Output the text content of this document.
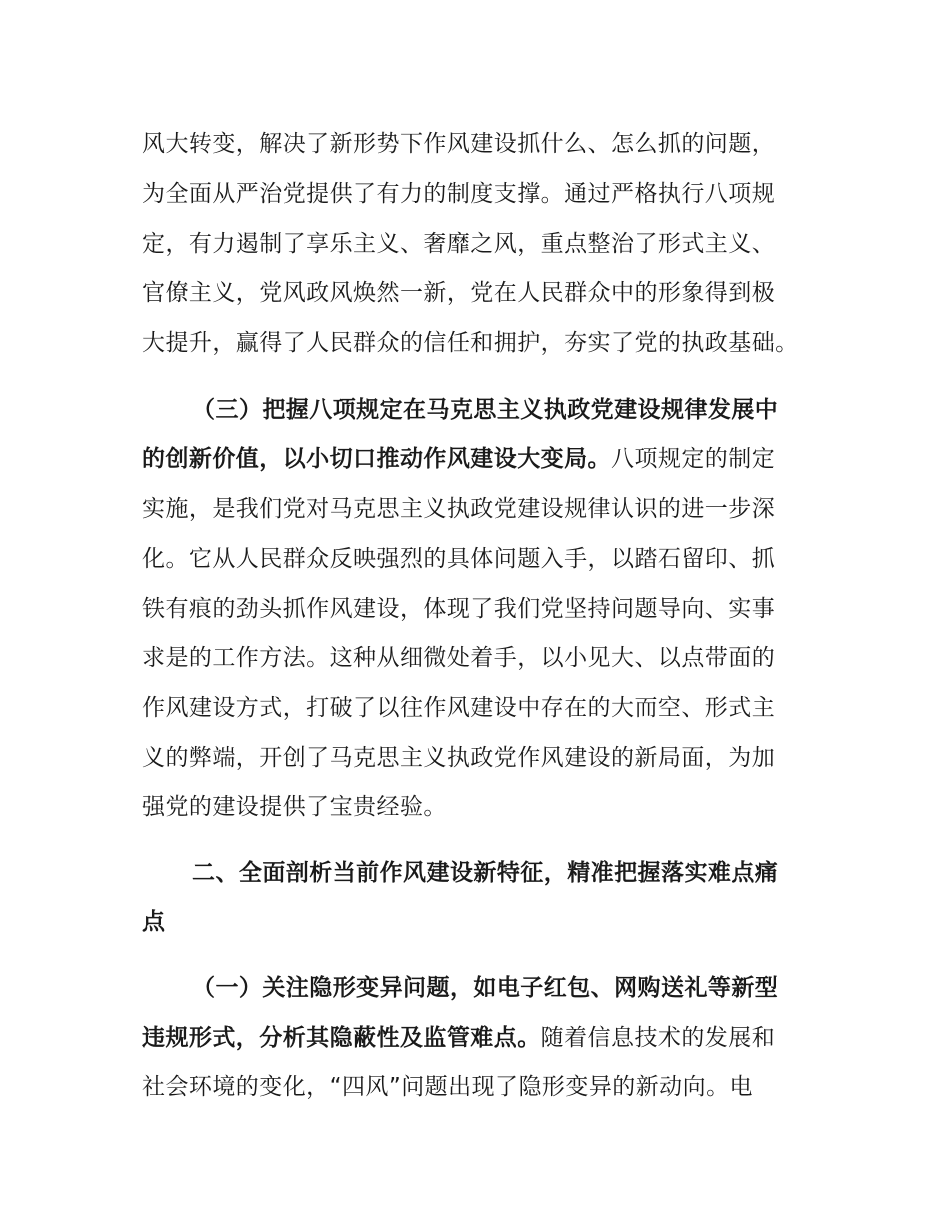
风大转变，解决了新形势下作风建设抓什么、怎么抓的问题，
为全面从严治党提供了有力的制度支撑。通过严格执行八项规
定，有力遏制了享乐主义、奢靡之风，重点整治了形式主义、
官僚主义，党风政风焕然一新，党在人民群众中的形象得到极
大提升，赢得了人民群众的信任和拥护，夯实了党的执政基础。
（三）把握八项规定在马克思主义执政党建设规律发展中
的创新价值，以小切口推动作风建设大变局。八项规定的制定
实施，是我们党对马克思主义执政党建设规律认识的进一步深
化。它从人民群众反映强烈的具体问题入手，以踏石留印、抓
铁有痕的劲头抓作风建设，体现了我们党坚持问题导向、实事
求是的工作方法。这种从细微处着手，以小见大、以点带面的
作风建设方式，打破了以往作风建设中存在的大而空、形式主
义的弊端，开创了马克思主义执政党作风建设的新局面，为加
强党的建设提供了宝贵经验。
二、全面剖析当前作风建设新特征，精准把握落实难点痛
点
（一）关注隐形变异问题，如电子红包、网购送礼等新型
违规形式，分析其隐蔽性及监管难点。随着信息技术的发展和
社会环境的变化，“四风”问题出现了隐形变异的新动向。电
